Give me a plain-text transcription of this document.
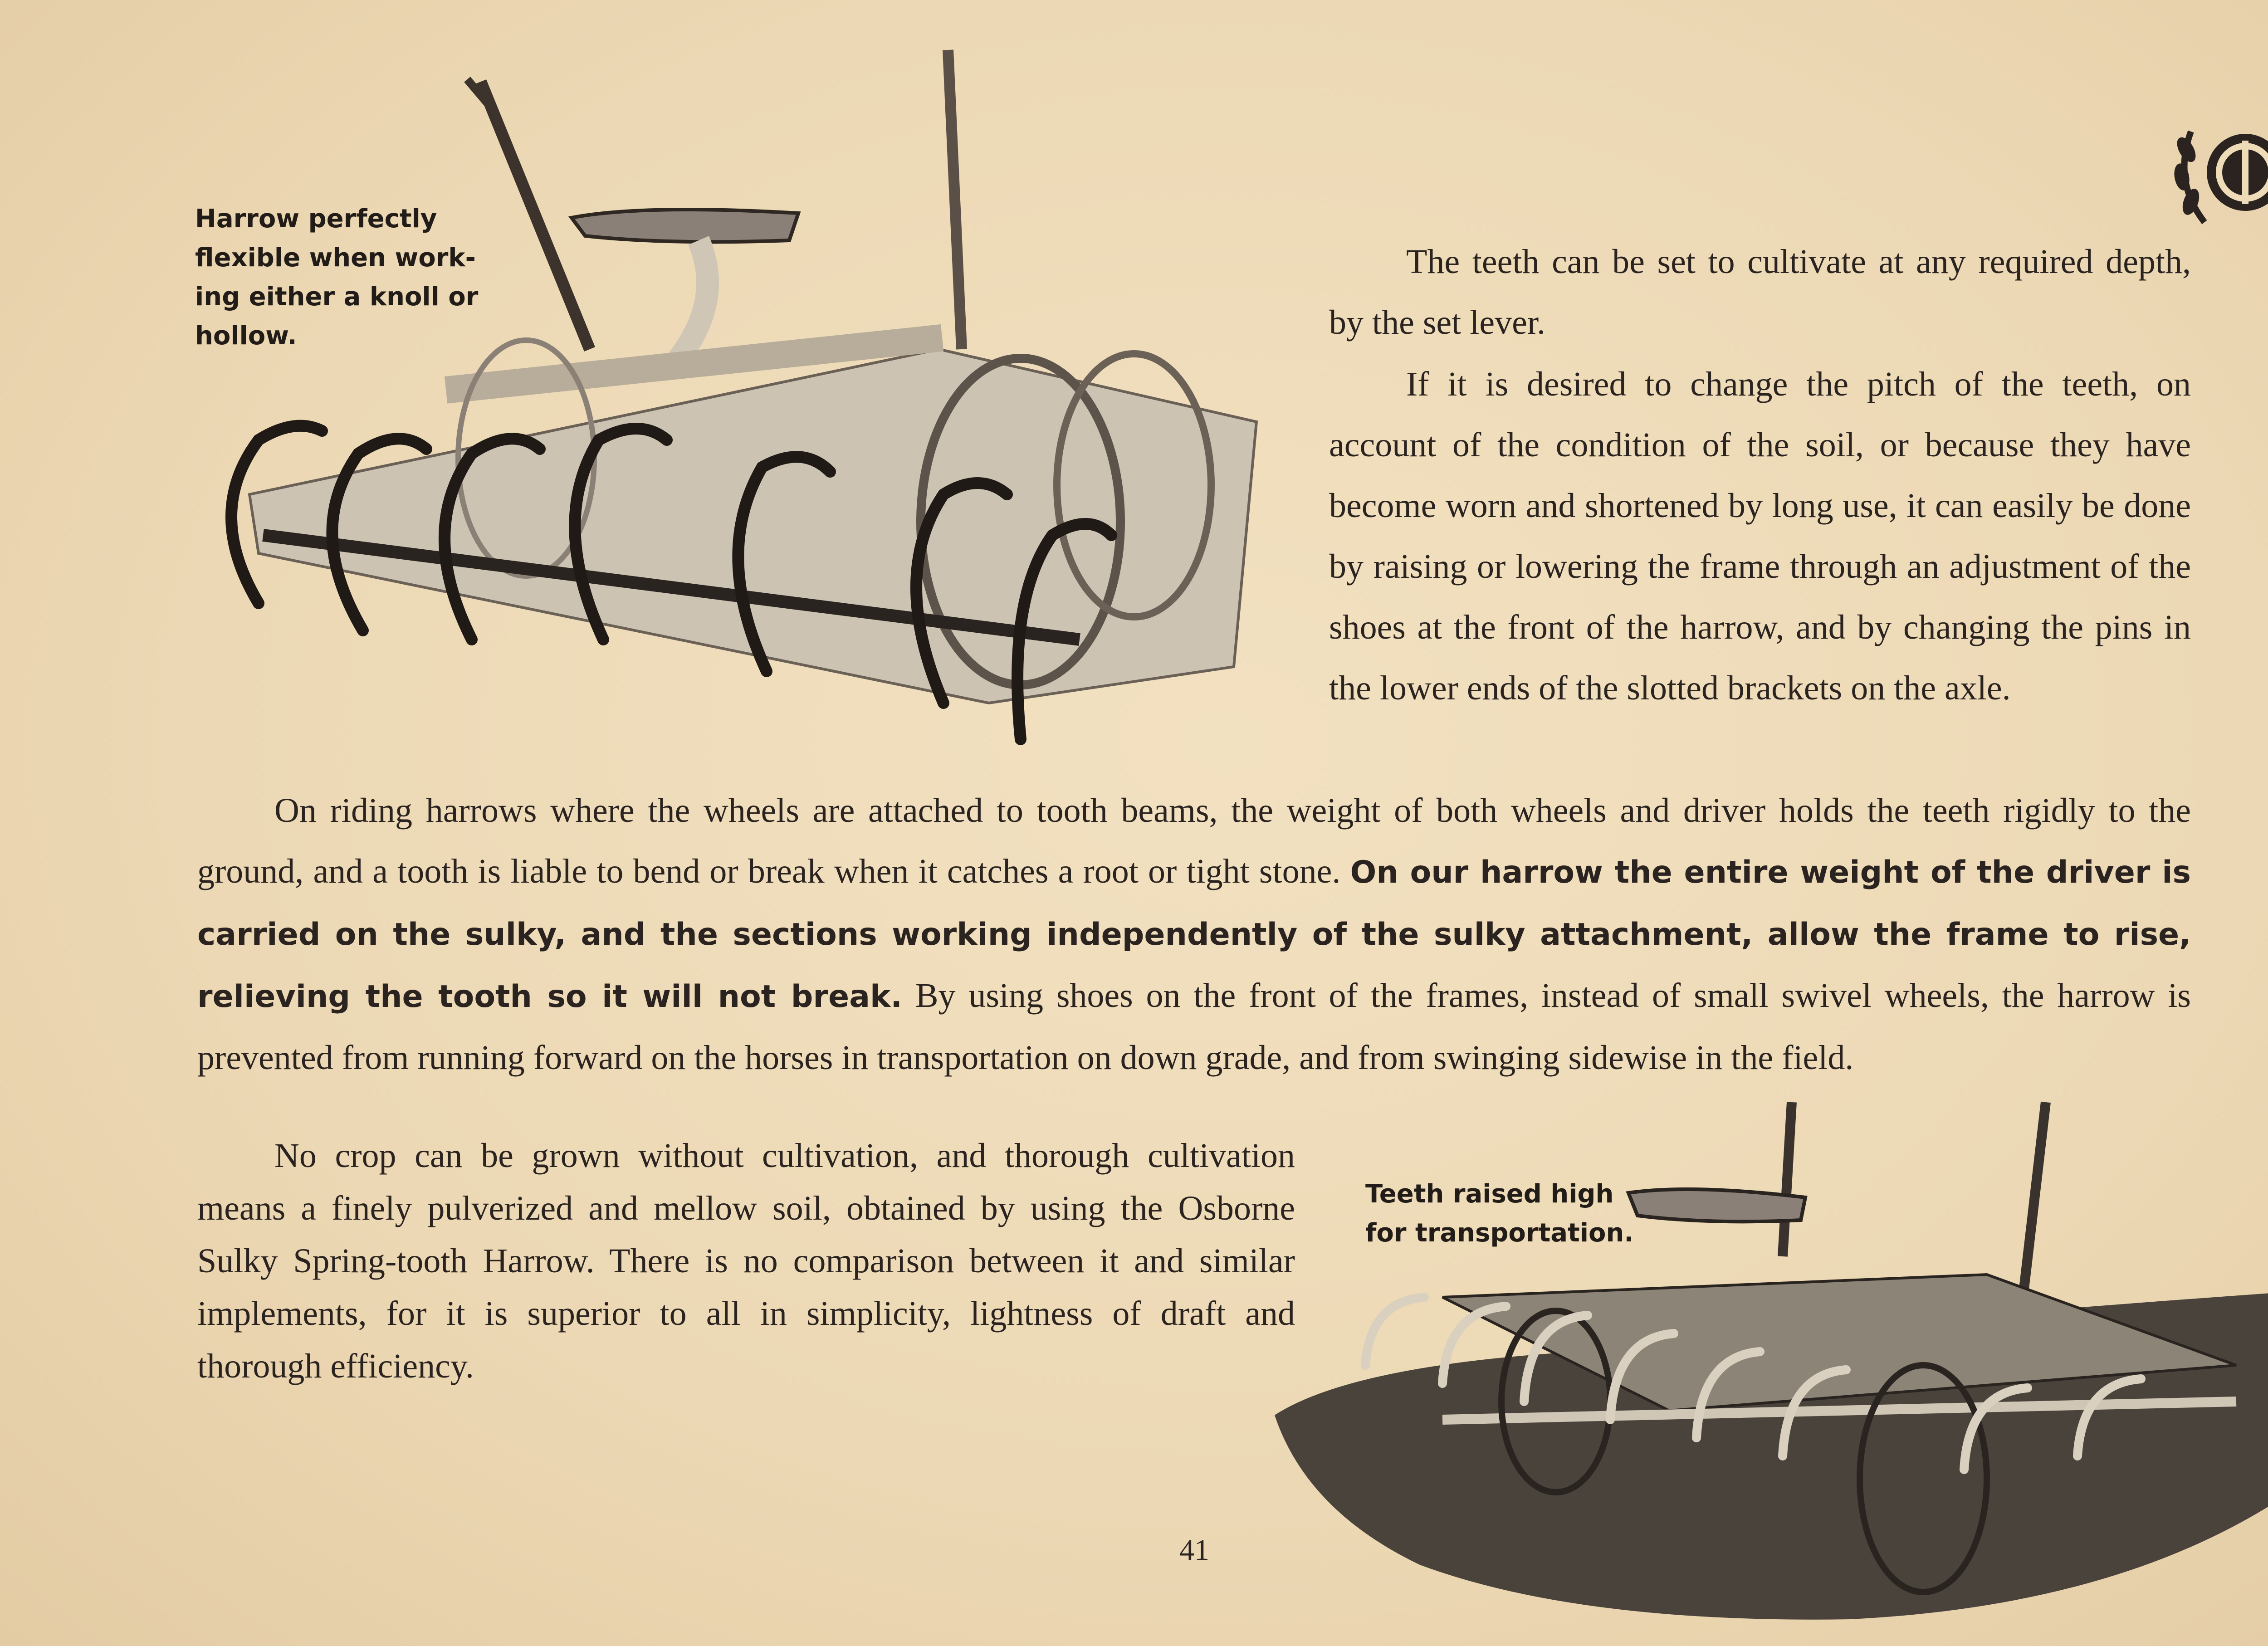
Harrow perfectly flexible when work-ing either a knoll or hollow.

The teeth can be set to cultivate at any required depth, by the set lever.

If it is desired to change the pitch of the teeth, on account of the condition of the soil, or because they have become worn and shortened by long use, it can easily be done by raising or lowering the frame through an adjustment of the shoes at the front of the harrow, and by changing the pins in the lower ends of the slotted brackets on the axle.

On riding harrows where the wheels are attached to tooth beams, the weight of both wheels and driver holds the teeth rigidly to the ground, and a tooth is liable to bend or break when it catches a root or tight stone. On our harrow the entire weight of the driver is carried on the sulky, and the sections working independently of the sulky attachment, allow the frame to rise, relieving the tooth so it will not break. By using shoes on the front of the frames, instead of small swivel wheels, the harrow is prevented from running forward on the horses in transportation on down grade, and from swinging sidewise in the field.

No crop can be grown without cultivation, and thorough cultivation means a finely pulverized and mellow soil, obtained by using the Osborne Sulky Spring-tooth Harrow. There is no comparison between it and similar implements, for it is superior to all in simplicity, lightness of draft and thorough efficiency.

Teeth raised high for transportation.
41
